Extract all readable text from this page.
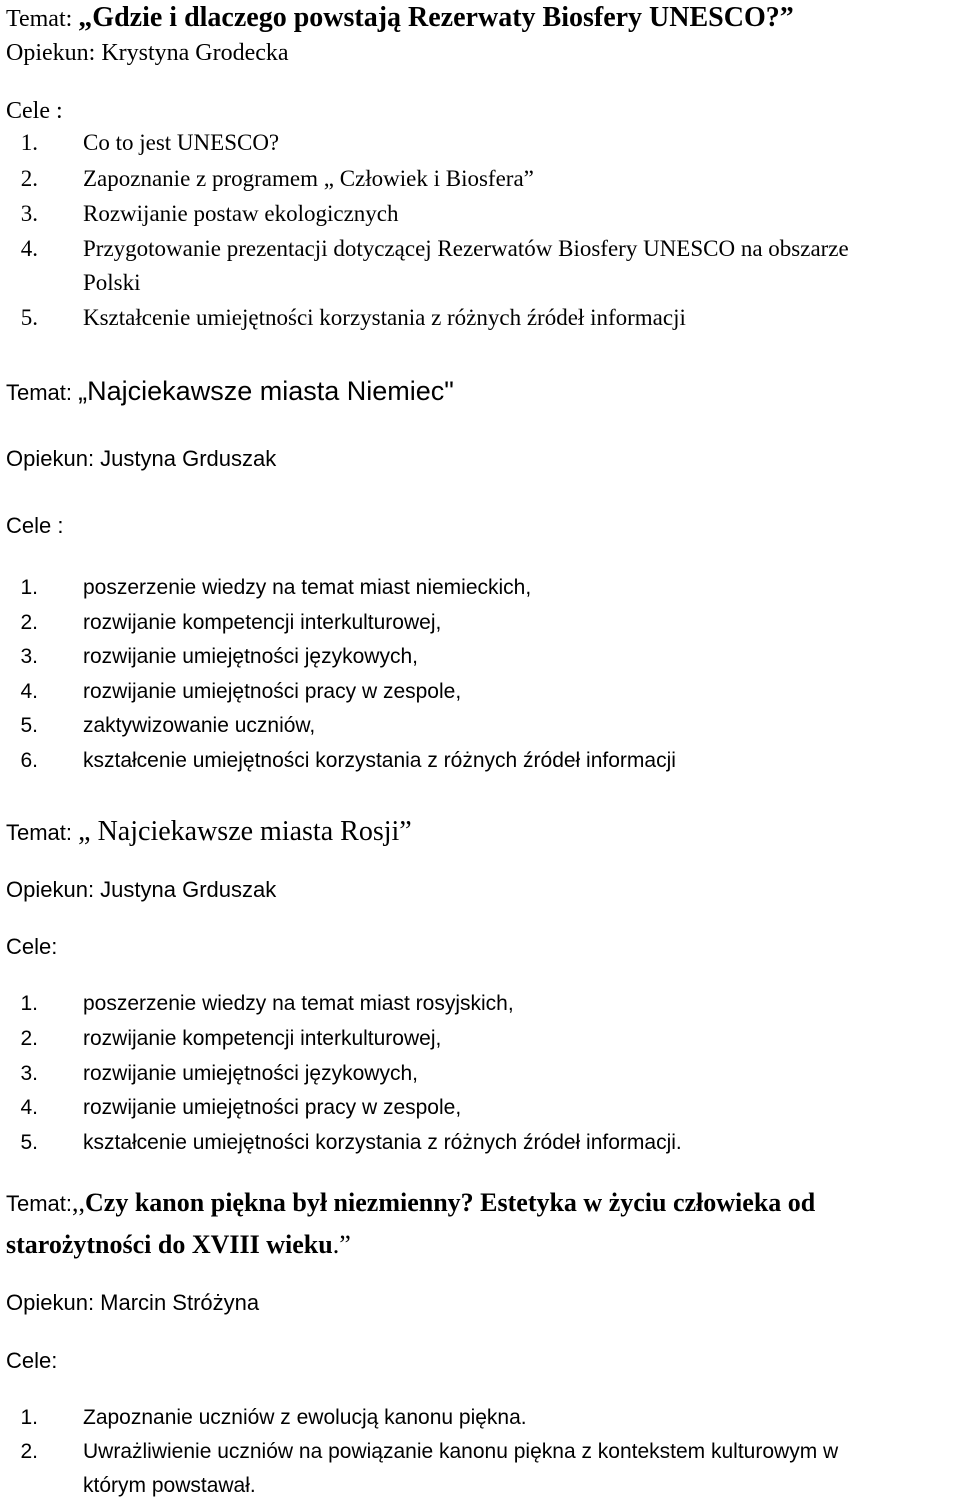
Temat: „Gdzie i dlaczego powstają Rezerwaty Biosfery UNESCO?”
Opiekun: Krystyna Grodecka
Cele :
1. Co to jest UNESCO?
2. Zapoznanie z programem „ Człowiek i Biosfera”
3. Rozwijanie postaw ekologicznych
4. Przygotowanie prezentacji dotyczącej Rezerwatów Biosfery UNESCO na obszarze
Polski
5. Kształcenie umiejętności korzystania z różnych źródeł informacji
Temat: „Najciekawsze miasta Niemiec"
Opiekun: Justyna Grduszak
Cele :
1. poszerzenie wiedzy na temat miast niemieckich,
2. rozwijanie kompetencji interkulturowej,
3. rozwijanie umiejętności językowych,
4. rozwijanie umiejętności pracy w zespole,
5. zaktywizowanie uczniów,
6. kształcenie umiejętności korzystania z różnych źródeł informacji
Temat: „ Najciekawsze miasta Rosji”
Opiekun: Justyna Grduszak
Cele:
1. poszerzenie wiedzy na temat miast rosyjskich,
2. rozwijanie kompetencji interkulturowej,
3. rozwijanie umiejętności językowych,
4. rozwijanie umiejętności pracy w zespole,
5. kształcenie umiejętności korzystania z różnych źródeł informacji.
Temat:,,Czy kanon piękna był niezmienny? Estetyka w życiu człowieka od
starożytności do XVIII wieku.”
Opiekun: Marcin Stróżyna
Cele:
1. Zapoznanie uczniów z ewolucją kanonu piękna.
2. Uwrażliwienie uczniów na powiązanie kanonu piękna z kontekstem kulturowym w
którym powstawał.
